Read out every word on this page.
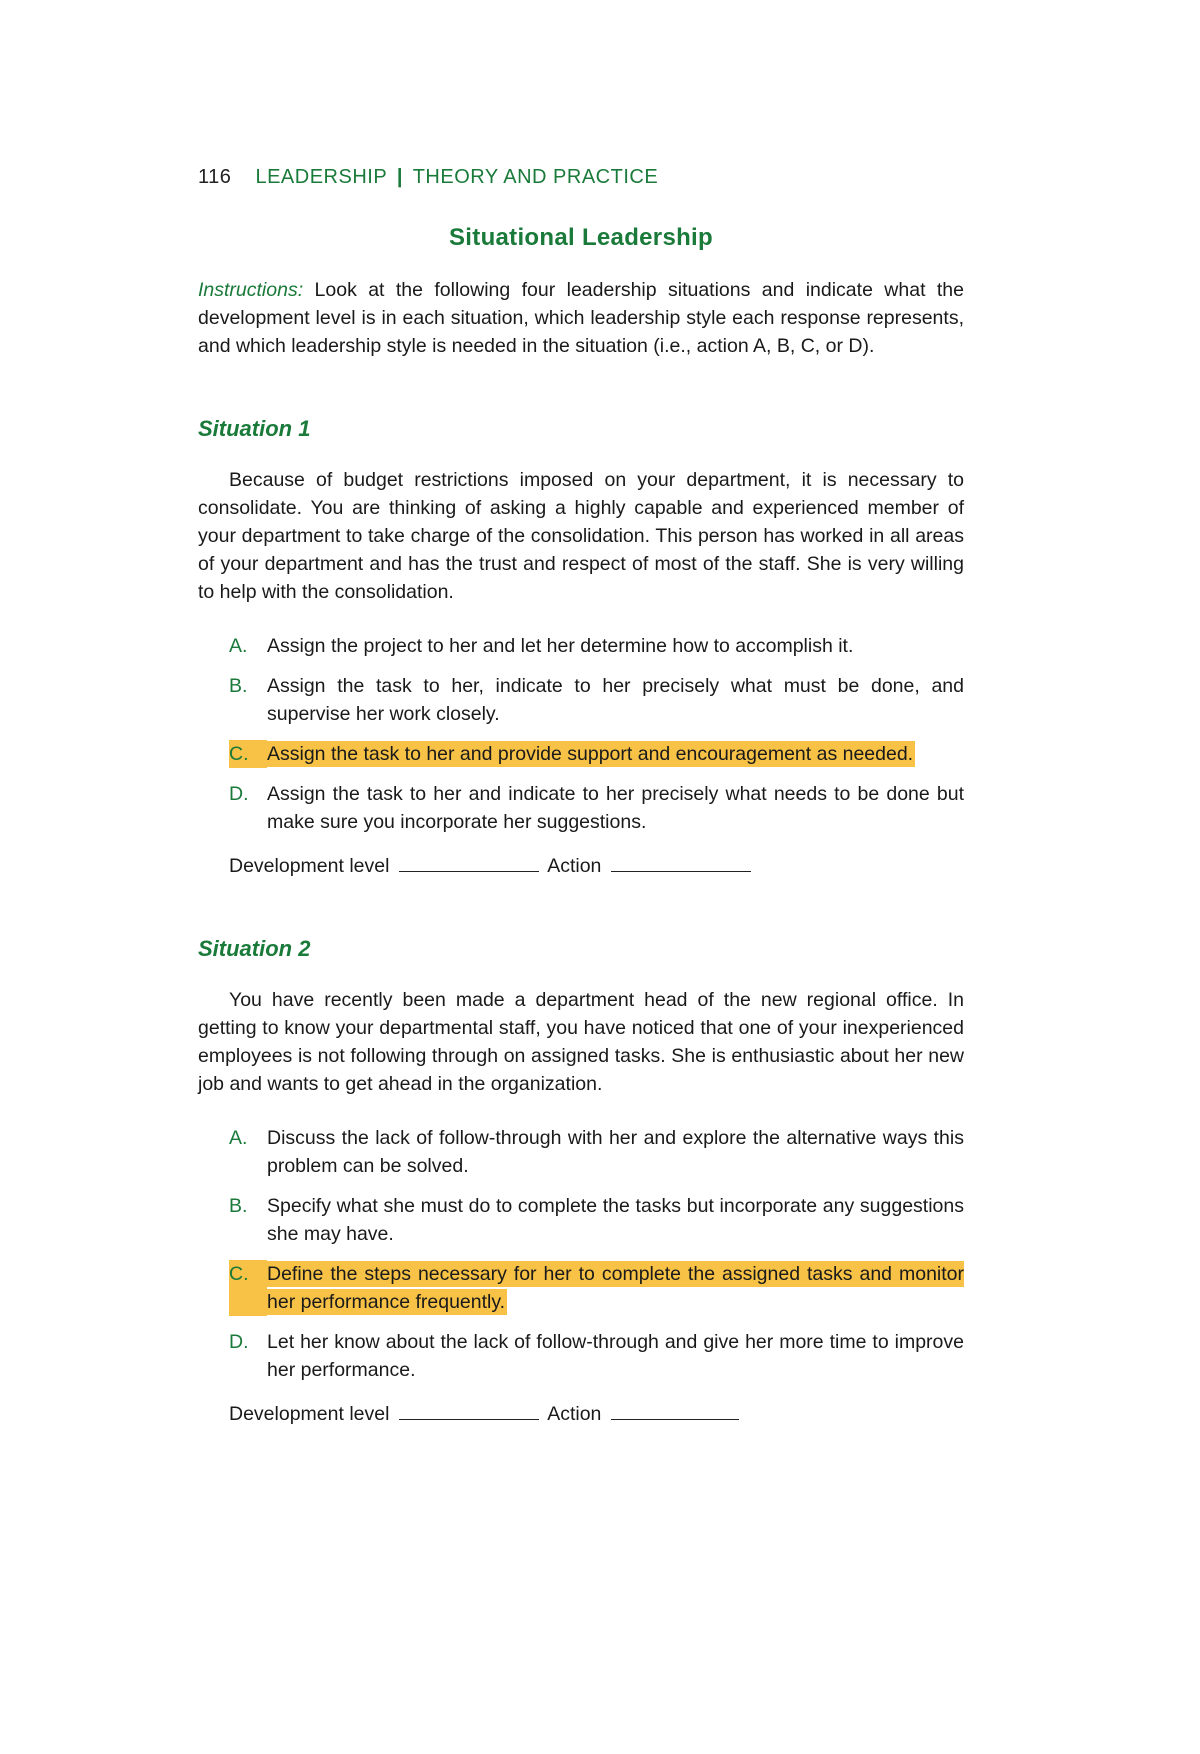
116 LEADERSHIP | THEORY AND PRACTICE
Situational Leadership

Instructions: Look at the following four leadership situations and indicate what the development level is in each situation, which leadership style each response represents, and which leadership style is needed in the situation (i.e., action A, B, C, or D).

Situation 1

Because of budget restrictions imposed on your department, it is necessary to consolidate. You are thinking of asking a highly capable and experienced member of your department to take charge of the consolidation. This person has worked in all areas of your department and has the trust and respect of most of the staff. She is very willing to help with the consolidation.

A.	Assign the project to her and let her determine how to accomplish it.
B.	Assign the task to her, indicate to her precisely what must be done, and supervise her work closely.
C. Assign the task to her and provide support and encouragement as needed.
D. Assign the task to her and indicate to her precisely what needs to be done but make sure you incorporate her suggestions.
Development level	Action
Situation 2

You have recently been made a department head of the new regional office. In getting to know your departmental staff, you have noticed that one of your inexperienced employees is not following through on assigned tasks. She is enthusiastic about her new job and wants to get ahead in the organization.

A.	Discuss the lack of follow-through with her and explore the alternative ways this problem can be solved.
B.	Specify what she must do to complete the tasks but incorporate any suggestions she may have.
C. Define the steps necessary for her to complete the assigned tasks and monitor her performance frequently.
D. Let her know about the lack of follow-through and give her more time to improve her performance.
Development level	Action
